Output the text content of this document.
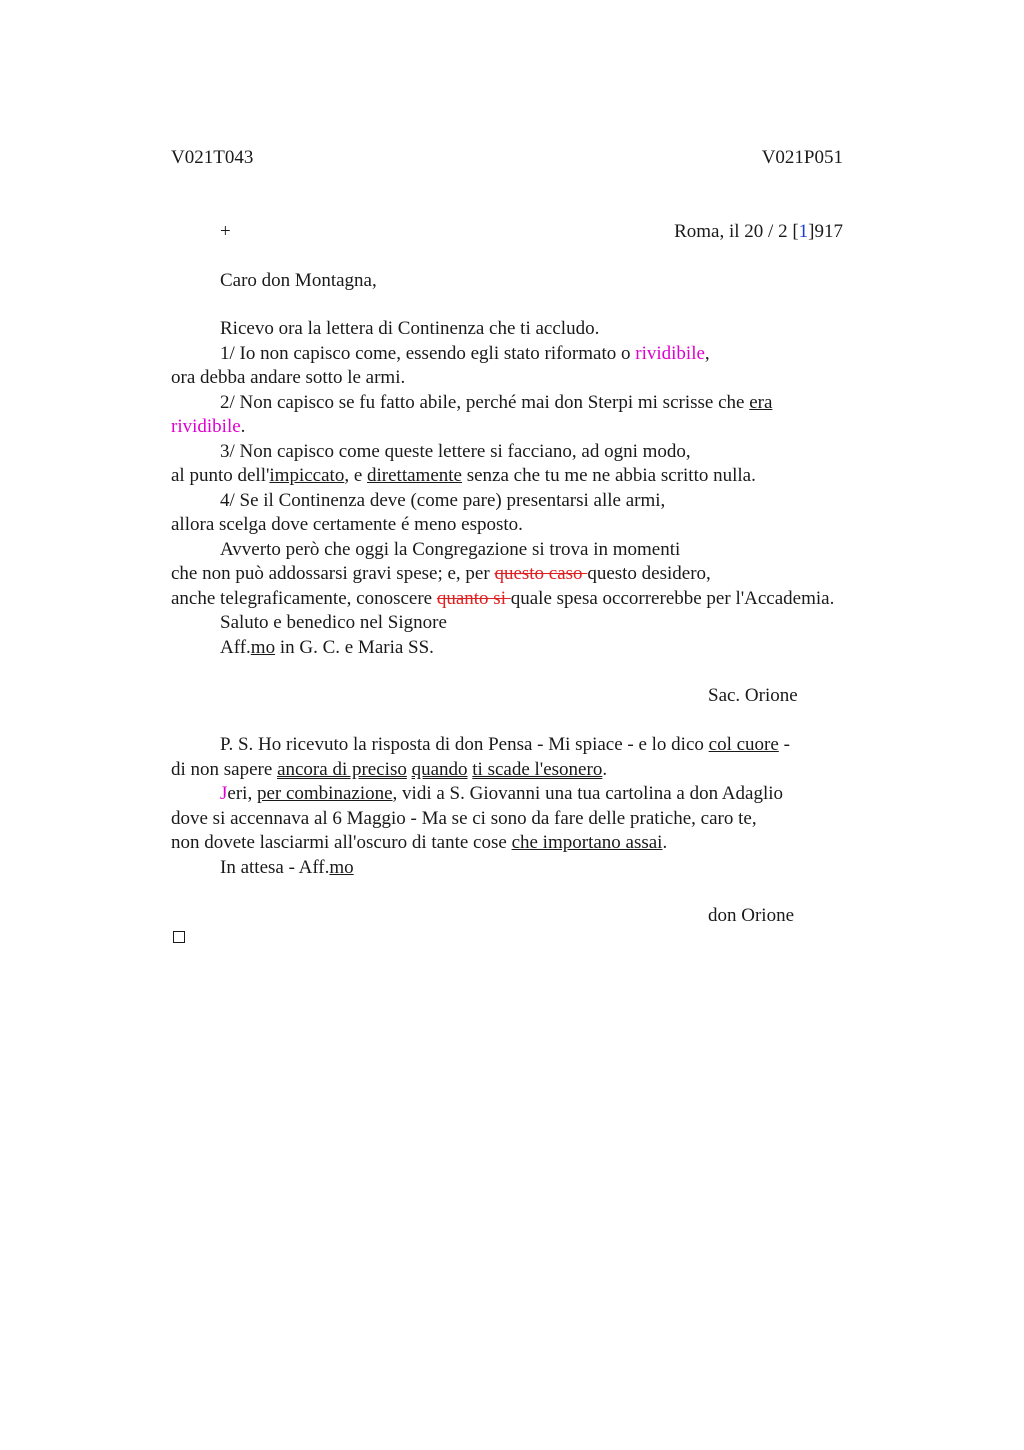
V021T043	V021P051
+	Roma, il 20 / 2 [1]917
Caro don Montagna,
Ricevo ora la lettera di Continenza che ti accludo.
1/ Io non capisco come, essendo egli stato riformato o rividibile,
ora debba andare sotto le armi.
2/ Non capisco se fu fatto abile, perché mai don Sterpi mi scrisse che era
rividibile.
3/ Non capisco come queste lettere si facciano, ad ogni modo,
al punto dell'impiccato, e direttamente senza che tu me ne abbia scritto nulla.
4/ Se il Continenza deve (come pare) presentarsi alle armi,
allora scelga dove certamente é meno esposto.
Avverto però che oggi la Congregazione si trova in momenti
che non può addossarsi gravi spese; e, per questo caso questo desidero,
anche telegraficamente, conoscere quanto si quale spesa occorrerebbe per l'Accademia.
Saluto e benedico nel Signore
Aff.mo in G. C. e Maria SS.
Sac. Orione
P. S. Ho ricevuto la risposta di don Pensa - Mi spiace - e lo dico col cuore -
di non sapere ancora di preciso quando ti scade l'esonero.
Jeri, per combinazione, vidi a S. Giovanni una tua cartolina a don Adaglio
dove si accennava al 6 Maggio - Ma se ci sono da fare delle pratiche, caro te,
non dovete lasciarmi all'oscuro di tante cose che importano assai.
In attesa - Aff.mo
don Orione
